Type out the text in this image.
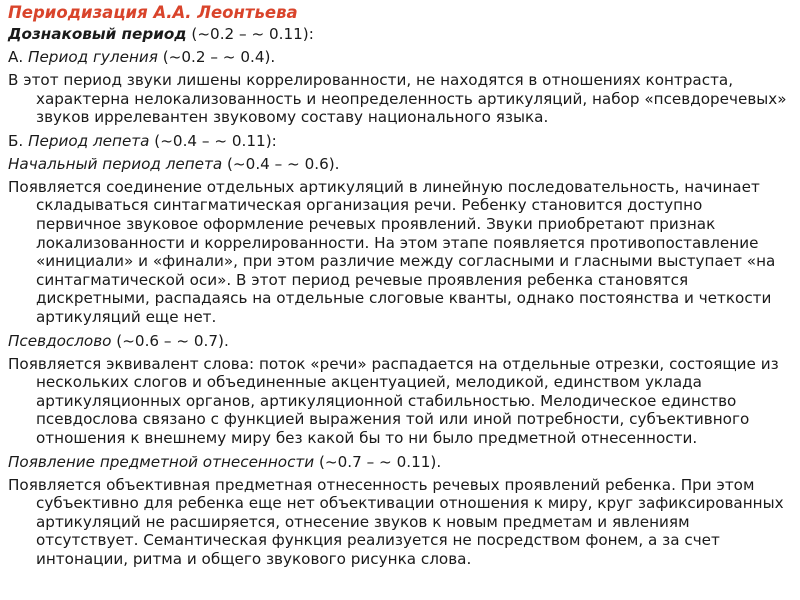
Периодизация А.А. Леонтьева
Дознаковый период (~0.2 – ~ 0.11):
А. Период гуления (~0.2 – ~ 0.4).
В этот период звуки лишены коррелированности, не находятся в отношениях контраста, характерна нелокализованность и неопределенность артикуляций, набор «псевдоречевых» звуков иррелевантен звуковому составу национального языка.
Б. Период лепета (~0.4 – ~ 0.11):
Начальный период лепета (~0.4 – ~ 0.6).
Появляется соединение отдельных артикуляций в линейную последовательность, начинает складываться синтагматическая организация речи. Ребенку становится доступно первичное звуковое оформление речевых проявлений. Звуки приобретают признак локализованности и коррелированности. На этом этапе появляется противопоставление «инициали» и «финали», при этом различие между согласными и гласными выступает «на синтагматической оси». В этот период речевые проявления ребенка становятся дискретными, распадаясь на отдельные слоговые кванты, однако постоянства и четкости артикуляций еще нет.
Псевдослово (~0.6 – ~ 0.7).
Появляется эквивалент слова: поток «речи» распадается на отдельные отрезки, состоящие из нескольких слогов и объединенные акцентуацией, мелодикой, единством уклада артикуляционных органов, артикуляционной стабильностью. Мелодическое единство псевдослова связано с функцией выражения той или иной потребности, субъективного отношения к внешнему миру без какой бы то ни было предметной отнесенности.
Появление предметной отнесенности (~0.7 – ~ 0.11).
Появляется объективная предметная отнесенность речевых проявлений ребенка. При этом субъективно для ребенка еще нет объективации отношения к миру, круг зафиксированных артикуляций не расширяется, отнесение звуков к новым предметам и явлениям отсутствует. Семантическая функция реализуется не посредством фонем, а за счет интонации, ритма и общего звукового рисунка слова.
